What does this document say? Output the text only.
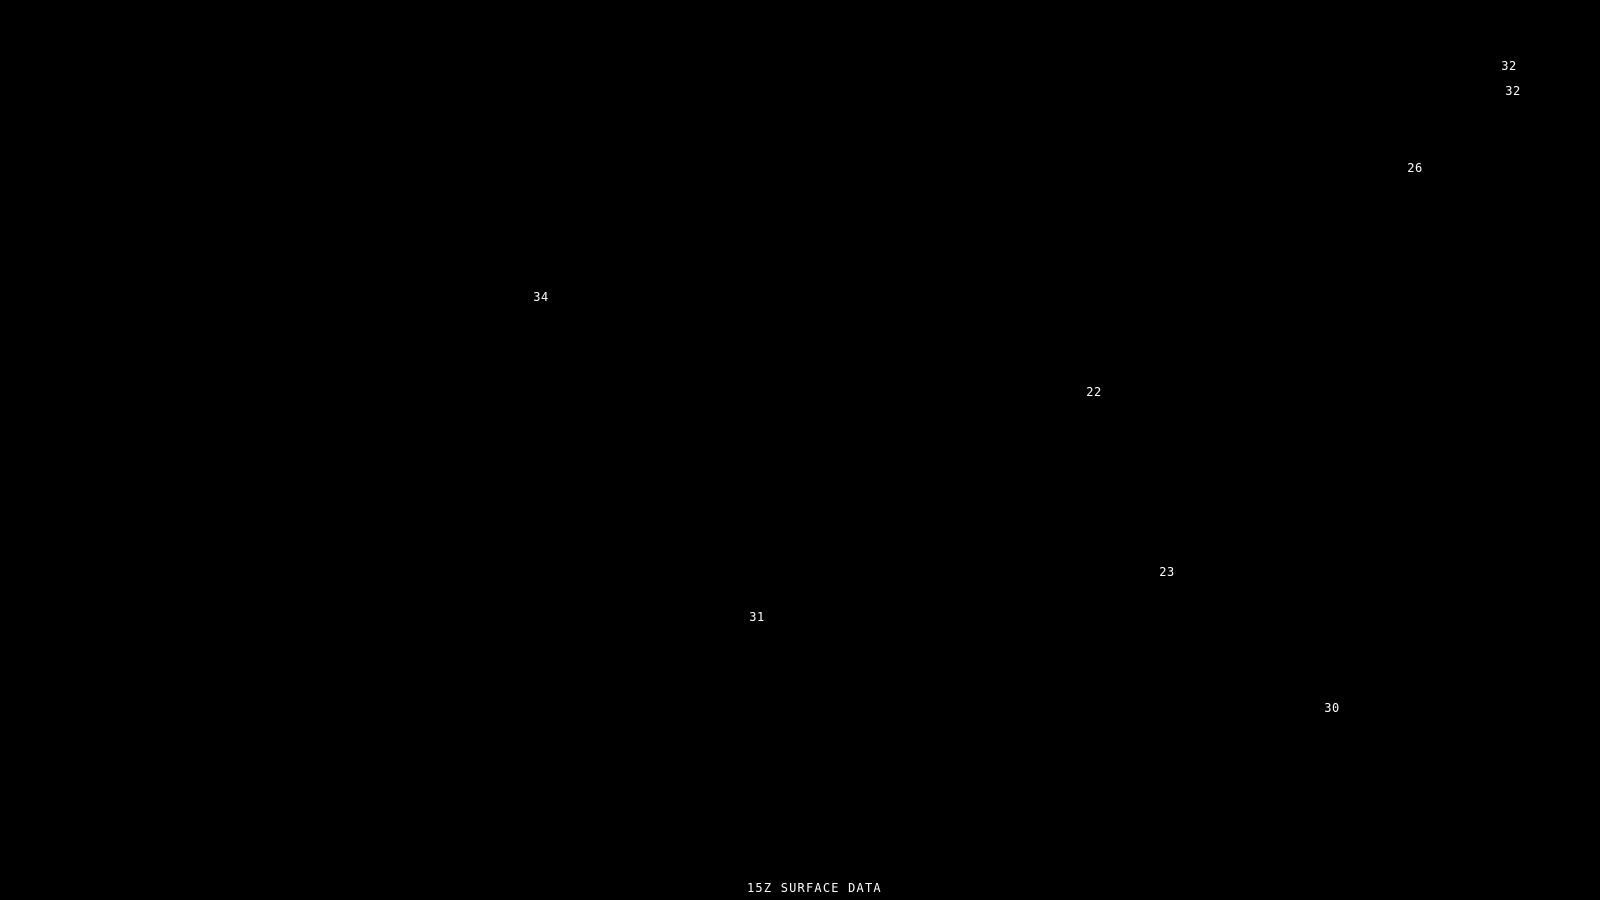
32
32
26
34
22
23
31
30
15Z SURFACE DATA
